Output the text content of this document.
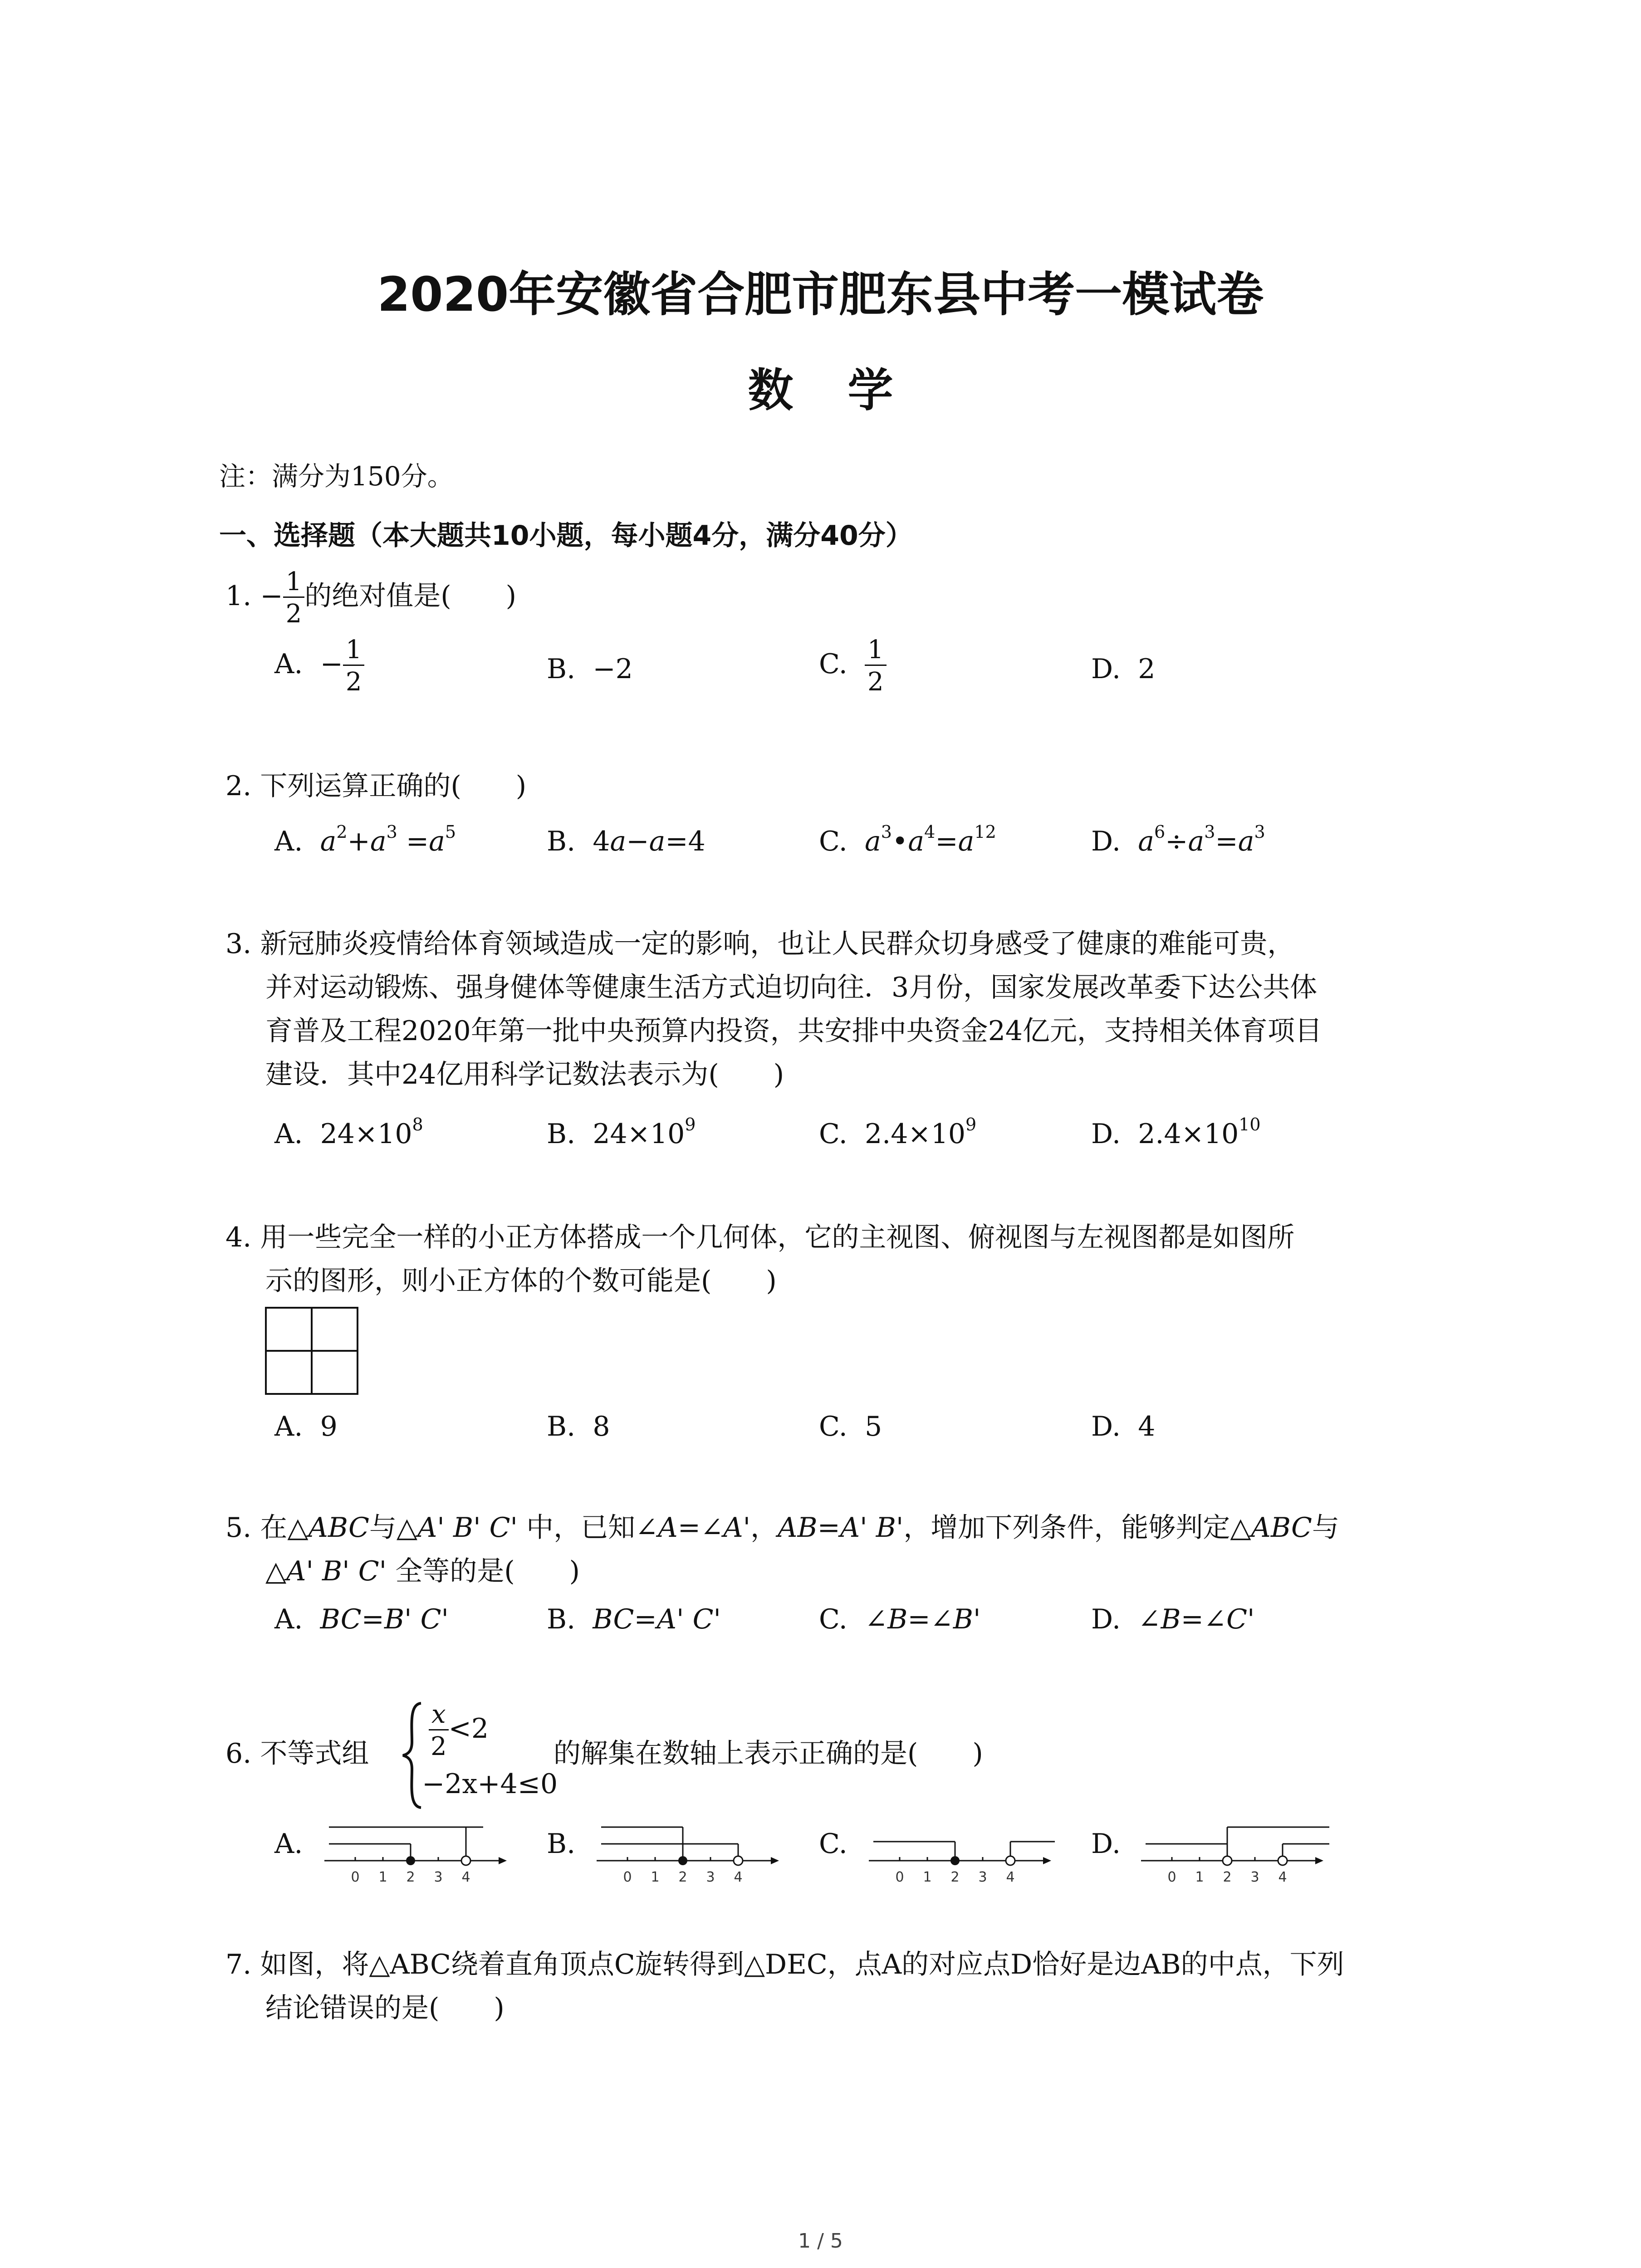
2020年安徽省合肥市肥东县中考一模试卷
数学
注：满分为150分。
一、选择题（本大题共10小题，每小题4分，满分40分）
1. − $\frac{1}{2}$ 的绝对值是(　　)
A. − $\frac{1}{2}$	B. −2	C. $\frac{1}{2}$	D. 2
2. 下列运算正确的(　　)
A. $a^2+a^3 =a^5$	B. 4a−a=4	C. $a^3•a^4=a^{12}$	D. $a^6\div a^3=a^3$
3. 新冠肺炎疫情给体育领域造成一定的影响，也让人民群众切身感受了健康的难能可贵，
并对运动锻炼、强身健体等健康生活方式迫切向往．3月份，国家发展改革委下达公共体
育普及工程2020年第一批中央预算内投资，共安排中央资金24亿元，支持相关体育项目
建设．其中24亿用科学记数法表示为(　　)
A. $24\times 10^8$	B. $24\times 10^9$	C. $2.4\times 10^9$	D. $2.4\times 10^{10}$
4. 用一些完全一样的小正方体搭成一个几何体，它的主视图、俯视图与左视图都是如图所
示的图形，则小正方体的个数可能是(　　)
A. 9	B. 8	C. 5	D. 4
5. 在△ABC与△A' B' C' 中，已知∠A=∠A'，AB=A' B'，增加下列条件，能够判定△ABC与
△A' B' C' 全等的是(　　)
A. BC=B' C'	B. BC=A' C'	C. ∠B=∠B'	D. ∠B=∠C'
6. 不等式组 $\frac{x}{2} <2$
−2x+4≤0
的解集在数轴上表示正确的是(　　)
A.	B.	C.	D.
0 1 2 3 4	0 1 2 3 4	0 1 2 3 4	0 1 2 3 4
7. 如图，将△ABC绕着直角顶点C旋转得到△DEC，点A的对应点D恰好是边AB的中点，下列
结论错误的是(　　)
1 / 5
